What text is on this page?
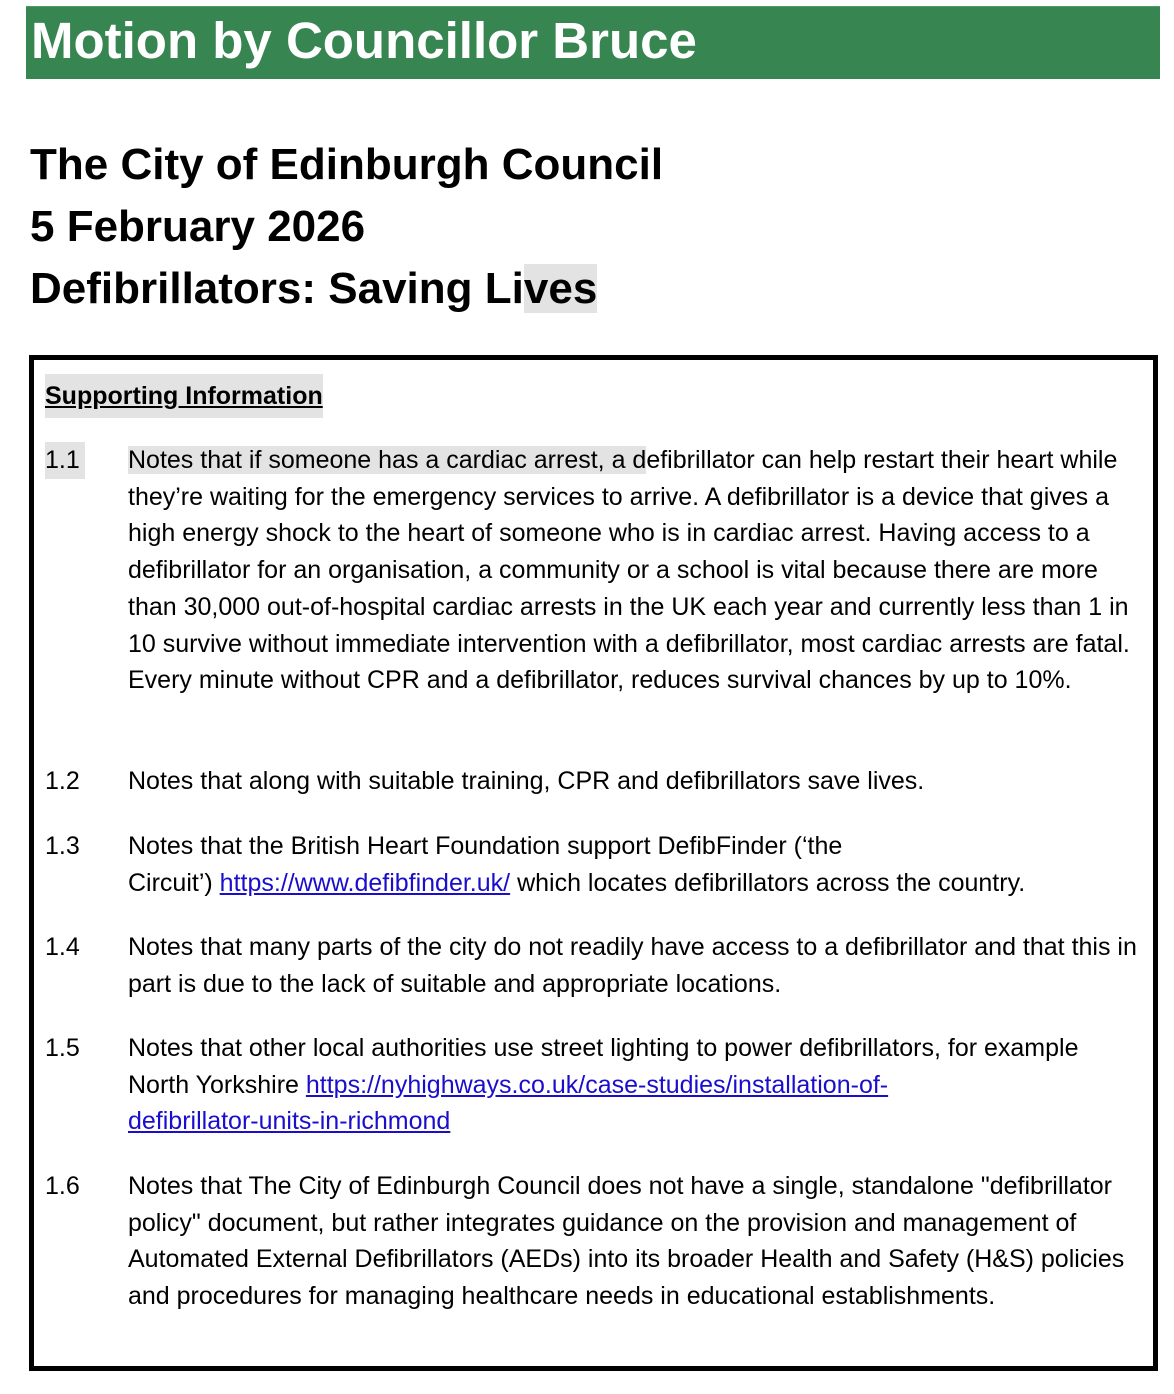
Motion by Councillor Bruce
The City of Edinburgh Council
5 February 2026
Defibrillators: Saving Lives
Supporting Information
1.1 Notes that if someone has a cardiac arrest, a defibrillator can help restart their heart while they’re waiting for the emergency services to arrive. A defibrillator is a device that gives a high energy shock to the heart of someone who is in cardiac arrest. Having access to a defibrillator for an organisation, a community or a school is vital because there are more than 30,000 out-of-hospital cardiac arrests in the UK each year and currently less than 1 in 10 survive without immediate intervention with a defibrillator, most cardiac arrests are fatal. Every minute without CPR and a defibrillator, reduces survival chances by up to 10%.
1.2 Notes that along with suitable training, CPR and defibrillators save lives.
1.3 Notes that the British Heart Foundation support DefibFinder (‘the
Circuit’) https://www.defibfinder.uk/ which locates defibrillators across the country.
1.4 Notes that many parts of the city do not readily have access to a defibrillator and that this in part is due to the lack of suitable and appropriate locations.
1.5 Notes that other local authorities use street lighting to power defibrillators, for example North Yorkshire https://nyhighways.co.uk/case-studies/installation-of-
defibrillator-units-in-richmond
1.6 Notes that The City of Edinburgh Council does not have a single, standalone "defibrillator policy" document, but rather integrates guidance on the provision and management of Automated External Defibrillators (AEDs) into its broader Health and Safety (H&S) policies and procedures for managing healthcare needs in educational establishments.
